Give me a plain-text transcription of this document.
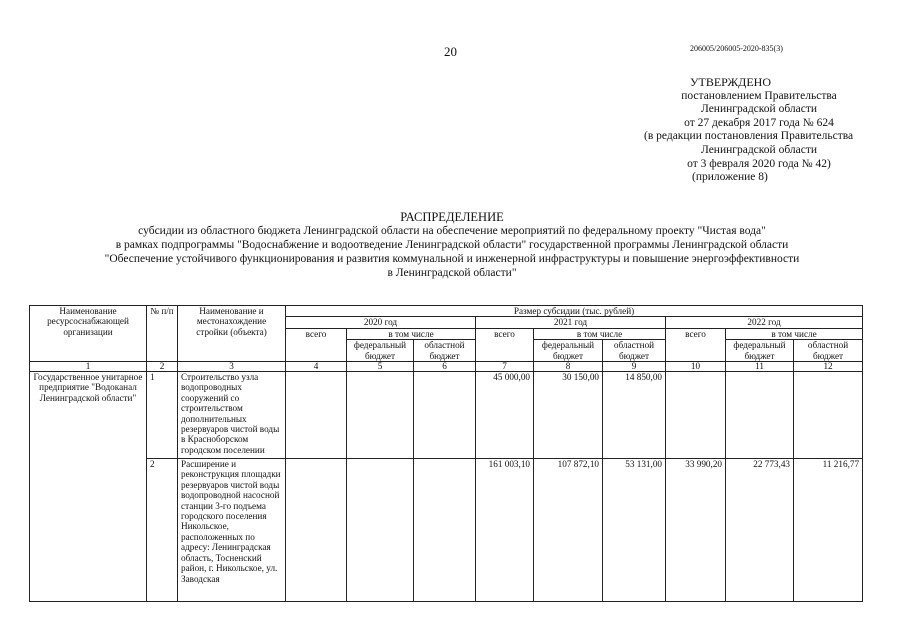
20	206005/206005-2020-835(3)
УТВЕРЖДЕНО
постановлением Правительства
Ленинградской области
от 27 декабря 2017 года № 624
(в редакции постановления Правительства
Ленинградской области
от 3 февраля 2020 года № 42)
(приложение 8)
РАСПРЕДЕЛЕНИЕ
субсидии из областного бюджета Ленинградской области на обеспечение мероприятий по федеральному проекту "Чистая вода"
в рамках подпрограммы "Водоснабжение и водоотведение Ленинградской области" государственной программы Ленинградской области
"Обеспечение устойчивого функционирования и развития коммунальной и инженерной инфраструктуры и повышение энергоэффективности
в Ленинградской области"
Наименование ресурсоснабжающей организации	№ п/п	Наименование и местонахождение стройки (объекта)	Размер субсидии (тыс. рублей)								
			2020 год			2021 год			2022 год		
			всего	в том числе		всего	в том числе		всего	в том числе	
				федеральный бюджет	областной бюджет		федеральный бюджет	областной бюджет		федеральный бюджет	областной бюджет
1	2	3	4	5	6	7	8	9	10	11	12
Государственное унитарное предприятие "Водоканал Ленинградской области"	1	Строительство узла водопроводных сооружений со строительством дополнительных резервуаров чистой воды в Красноборском городском поселении				45 000,00	30 150,00	14 850,00			
	2	Расширение и реконструкция площадки резервуаров чистой воды водопроводной насосной станции 3-го подъема городского поселения Никольское, расположенных по адресу: Ленинградская область, Тосненский район, г. Никольское, ул. Заводская				161 003,10	107 872,10	53 131,00	33 990,20	22 773,43	11 216,77
